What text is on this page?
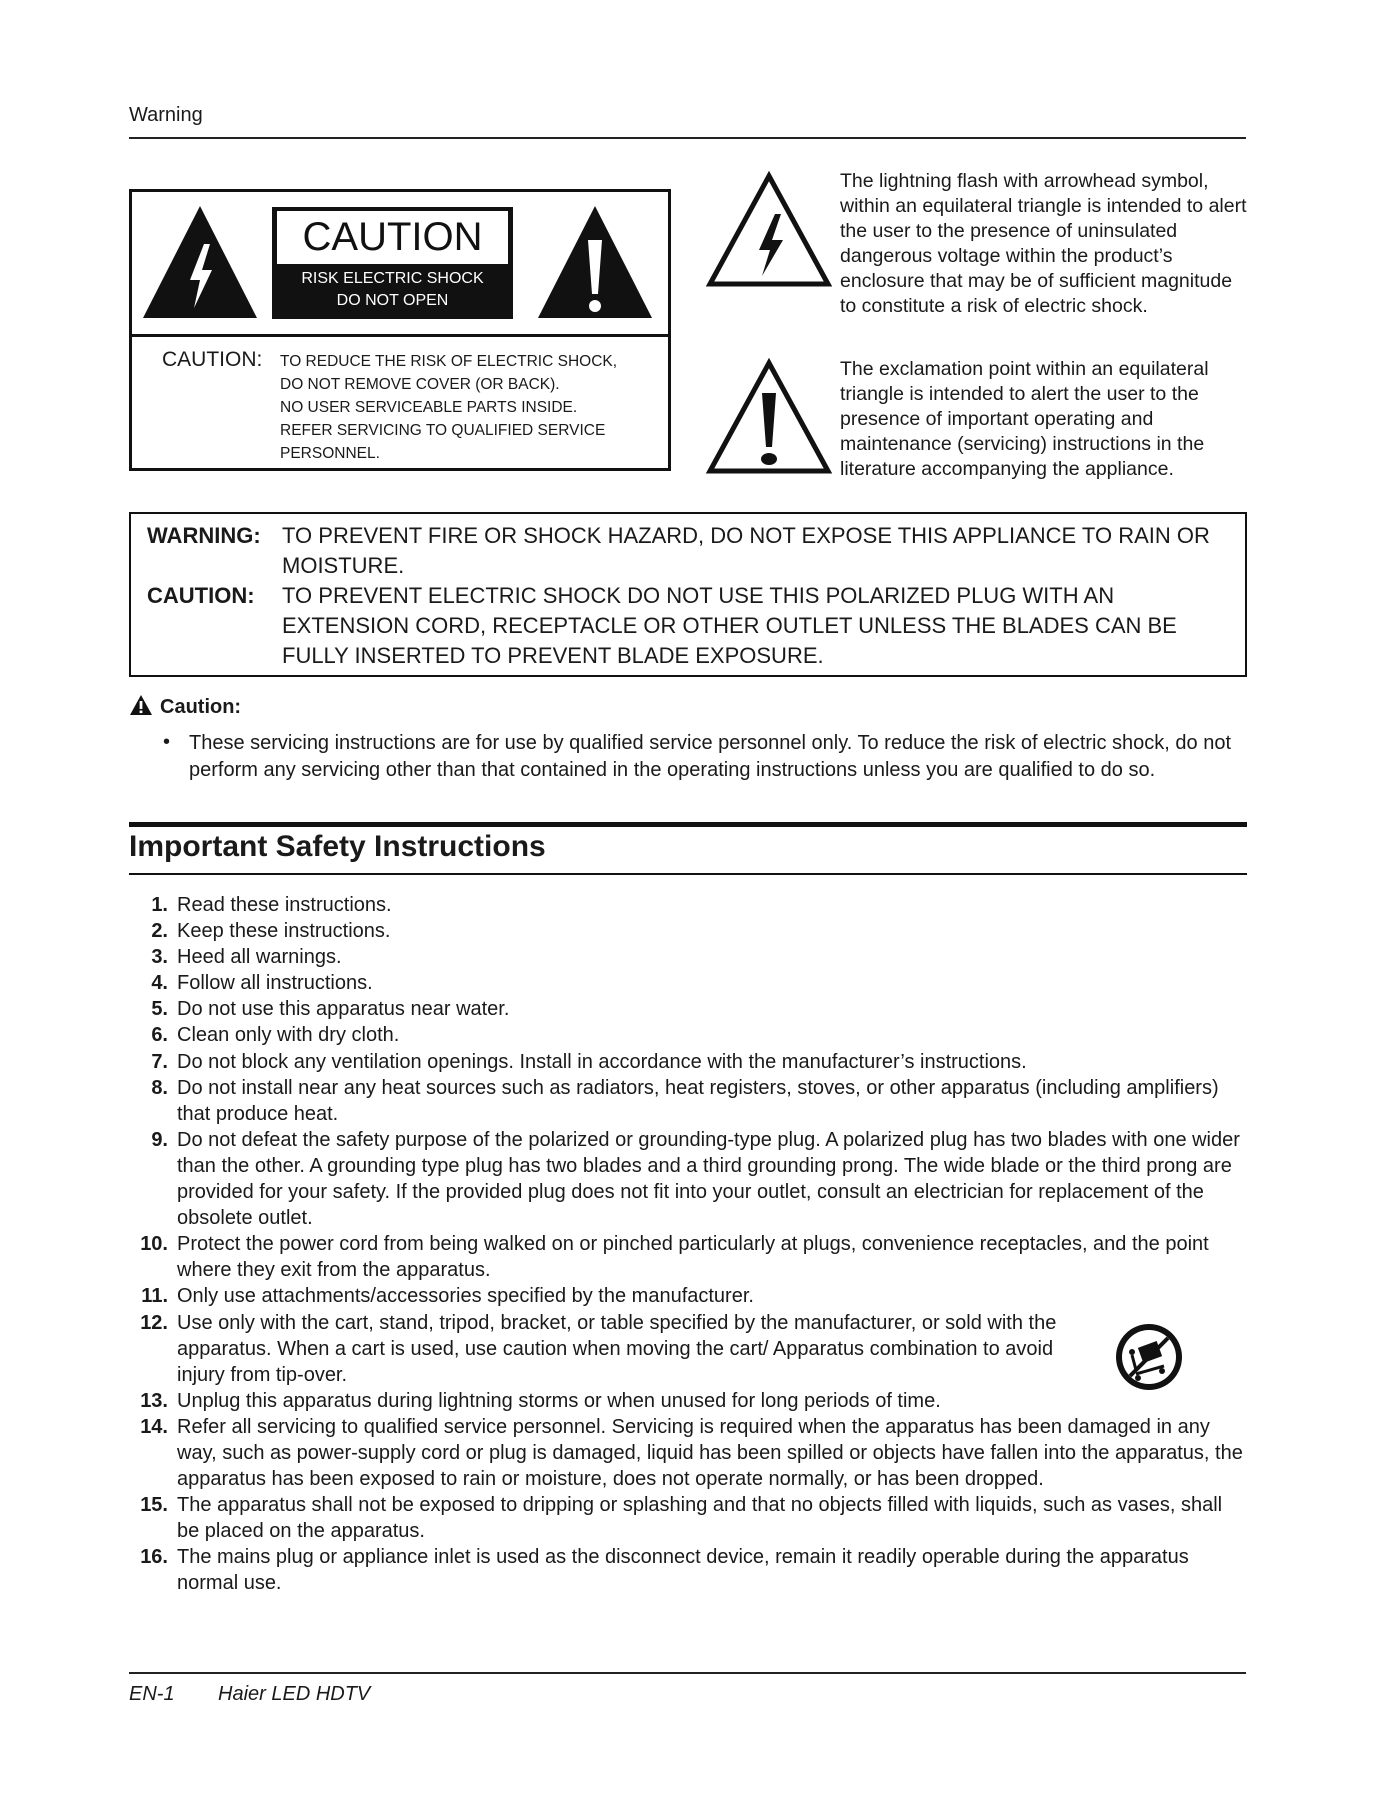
Warning
CAUTION
RISK ELECTRIC SHOCK
DO NOT OPEN
CAUTION: TO REDUCE THE RISK OF ELECTRIC SHOCK,
DO NOT REMOVE COVER (OR BACK).
NO USER SERVICEABLE PARTS INSIDE.
REFER SERVICING TO QUALIFIED SERVICE
PERSONNEL.
The lightning flash with arrowhead symbol, within an equilateral triangle is intended to alert the user to the presence of uninsulated dangerous voltage within the product’s enclosure that may be of sufficient magnitude to constitute a risk of electric shock.
The exclamation point within an equilateral triangle is intended to alert the user to the presence of important operating and maintenance (servicing) instructions in the literature accompanying the appliance.
WARNING: TO PREVENT FIRE OR SHOCK HAZARD, DO NOT EXPOSE THIS APPLIANCE TO RAIN OR MOISTURE.
CAUTION: TO PREVENT ELECTRIC SHOCK DO NOT USE THIS POLARIZED PLUG WITH AN EXTENSION CORD, RECEPTACLE OR OTHER OUTLET UNLESS THE BLADES CAN BE FULLY INSERTED TO PREVENT BLADE EXPOSURE.
Caution:
• These servicing instructions are for use by qualified service personnel only. To reduce the risk of electric shock, do not perform any servicing other than that contained in the operating instructions unless you are qualified to do so.
Important Safety Instructions
1. Read these instructions.
2. Keep these instructions.
3. Heed all warnings.
4. Follow all instructions.
5. Do not use this apparatus near water.
6. Clean only with dry cloth.
7. Do not block any ventilation openings. Install in accordance with the manufacturer’s instructions.
8. Do not install near any heat sources such as radiators, heat registers, stoves, or other apparatus (including amplifiers) that produce heat.
9. Do not defeat the safety purpose of the polarized or grounding-type plug. A polarized plug has two blades with one wider than the other. A grounding type plug has two blades and a third grounding prong. The wide blade or the third prong are provided for your safety. If the provided plug does not fit into your outlet, consult an electrician for replacement of the obsolete outlet.
10. Protect the power cord from being walked on or pinched particularly at plugs, convenience receptacles, and the point where they exit from the apparatus.
11. Only use attachments/accessories specified by the manufacturer.
12. Use only with the cart, stand, tripod, bracket, or table specified by the manufacturer, or sold with the apparatus. When a cart is used, use caution when moving the cart/ Apparatus combination to avoid injury from tip-over.
13. Unplug this apparatus during lightning storms or when unused for long periods of time.
14. Refer all servicing to qualified service personnel. Servicing is required when the apparatus has been damaged in any way, such as power-supply cord or plug is damaged, liquid has been spilled or objects have fallen into the apparatus, the apparatus has been exposed to rain or moisture, does not operate normally, or has been dropped.
15. The apparatus shall not be exposed to dripping or splashing and that no objects filled with liquids, such as vases, shall be placed on the apparatus.
16. The mains plug or appliance inlet is used as the disconnect device, remain it readily operable during the apparatus normal use.
EN-1 Haier LED HDTV
